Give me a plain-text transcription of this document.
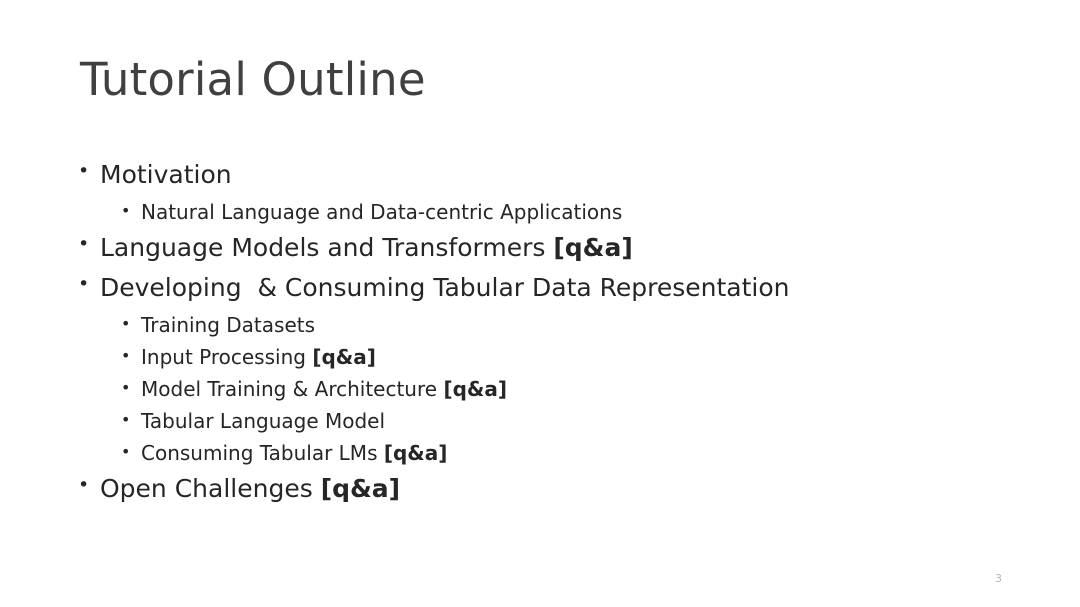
Tutorial Outline
• Motivation
• Natural Language and Data-centric Applications
• Language Models and Transformers [q&a]
• Developing  & Consuming Tabular Data Representation
• Training Datasets
• Input Processing [q&a]
• Model Training & Architecture [q&a]
• Tabular Language Model
• Consuming Tabular LMs [q&a]
• Open Challenges [q&a]
3
